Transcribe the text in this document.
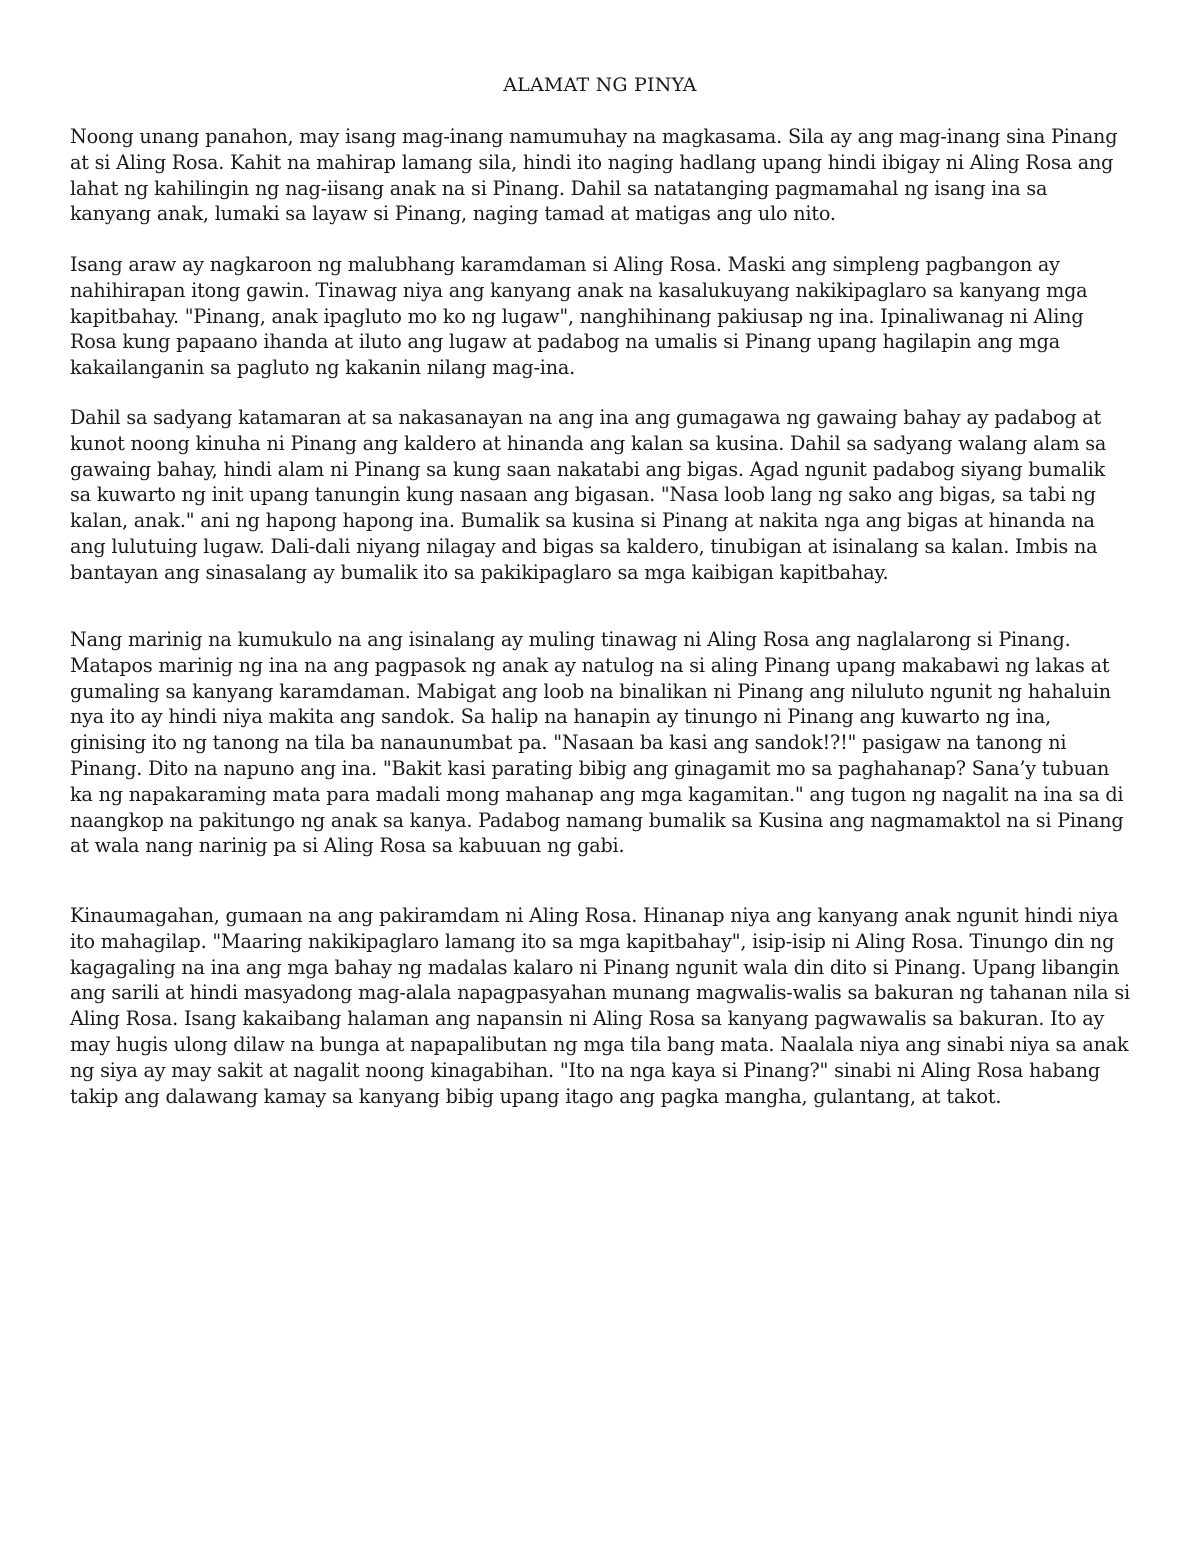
ALAMAT NG PINYA

Noong unang panahon, may isang mag-inang namumuhay na magkasama. Sila ay ang mag-inang sina Pinang at si Aling Rosa. Kahit na mahirap lamang sila, hindi ito naging hadlang upang hindi ibigay ni Aling Rosa ang lahat ng kahilingin ng nag-iisang anak na si Pinang. Dahil sa natatanging pagmamahal ng isang ina sa kanyang anak, lumaki sa layaw si Pinang, naging tamad at matigas ang ulo nito.

Isang araw ay nagkaroon ng malubhang karamdaman si Aling Rosa. Maski ang simpleng pagbangon ay nahihirapan itong gawin. Tinawag niya ang kanyang anak na kasalukuyang nakikipaglaro sa kanyang mga kapitbahay. "Pinang, anak ipagluto mo ko ng lugaw", nanghihinang pakiusap ng ina. Ipinaliwanag ni Aling Rosa kung papaano ihanda at iluto ang lugaw at padabog na umalis si Pinang upang hagilapin ang mga kakailanganin sa pagluto ng kakanin nilang mag-ina.

Dahil sa sadyang katamaran at sa nakasanayan na ang ina ang gumagawa ng gawaing bahay ay padabog at kunot noong kinuha ni Pinang ang kaldero at hinanda ang kalan sa kusina. Dahil sa sadyang walang alam sa gawaing bahay, hindi alam ni Pinang sa kung saan nakatabi ang bigas. Agad ngunit padabog siyang bumalik sa kuwarto ng init upang tanungin kung nasaan ang bigasan. "Nasa loob lang ng sako ang bigas, sa tabi ng kalan, anak." ani ng hapong hapong ina. Bumalik sa kusina si Pinang at nakita nga ang bigas at hinanda na ang lulutuing lugaw. Dali-dali niyang nilagay and bigas sa kaldero, tinubigan at isinalang sa kalan. Imbis na bantayan ang sinasalang ay bumalik ito sa pakikipaglaro sa mga kaibigan kapitbahay.

Nang marinig na kumukulo na ang isinalang ay muling tinawag ni Aling Rosa ang naglalarong si Pinang. Matapos marinig ng ina na ang pagpasok ng anak ay natulog na si aling Pinang upang makabawi ng lakas at gumaling sa kanyang karamdaman. Mabigat ang loob na binalikan ni Pinang ang niluluto ngunit ng hahaluin nya ito ay hindi niya makita ang sandok. Sa halip na hanapin ay tinungo ni Pinang ang kuwarto ng ina, ginising ito ng tanong na tila ba nanaunumbat pa. "Nasaan ba kasi ang sandok!?!" pasigaw na tanong ni Pinang. Dito na napuno ang ina. "Bakit kasi parating bibig ang ginagamit mo sa paghahanap? Sana’y tubuan ka ng napakaraming mata para madali mong mahanap ang mga kagamitan." ang tugon ng nagalit na ina sa di naangkop na pakitungo ng anak sa kanya. Padabog namang bumalik sa Kusina ang nagmamaktol na si Pinang at wala nang narinig pa si Aling Rosa sa kabuuan ng gabi.

Kinaumagahan, gumaan na ang pakiramdam ni Aling Rosa. Hinanap niya ang kanyang anak ngunit hindi niya ito mahagilap. "Maaring nakikipaglaro lamang ito sa mga kapitbahay", isip-isip ni Aling Rosa. Tinungo din ng kagagaling na ina ang mga bahay ng madalas kalaro ni Pinang ngunit wala din dito si Pinang. Upang libangin ang sarili at hindi masyadong mag-alala napagpasyahan munang magwalis-walis sa bakuran ng tahanan nila si Aling Rosa. Isang kakaibang halaman ang napansin ni Aling Rosa sa kanyang pagwawalis sa bakuran. Ito ay may hugis ulong dilaw na bunga at napapalibutan ng mga tila bang mata. Naalala niya ang sinabi niya sa anak ng siya ay may sakit at nagalit noong kinagabihan. "Ito na nga kaya si Pinang?" sinabi ni Aling Rosa habang takip ang dalawang kamay sa kanyang bibig upang itago ang pagka mangha, gulantang, at takot.
